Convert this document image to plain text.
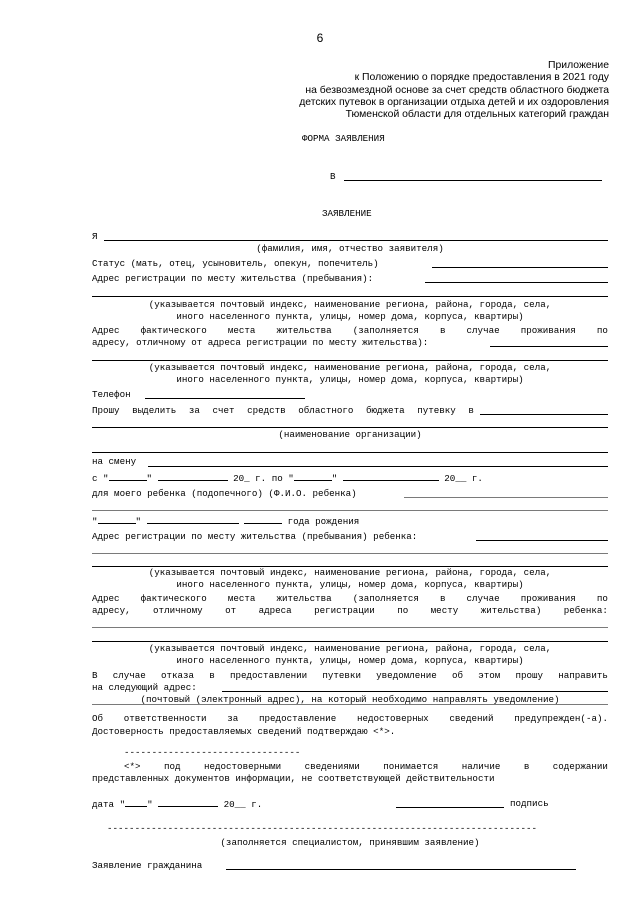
6
Приложение
к Положению о порядке предоставления в 2021 году
на безвозмездной основе за счет средств областного бюджета
детских путевок в организации отдыха детей и их оздоровления
Тюменской области для отдельных категорий граждан
ФОРМА ЗАЯВЛЕНИЯ
В
ЗАЯВЛЕНИЕ
Я
(фамилия, имя, отчество заявителя)
Статус (мать, отец, усыновитель, опекун, попечитель)
Адрес регистрации по месту жительства (пребывания):
(указывается почтовый индекс, наименование региона, района, города, села,
иного населенного пункта, улицы, номер дома, корпуса, квартиры)
Адрес фактического места жительства (заполняется в случае проживания по
адресу, отличному от адреса регистрации по месту жительства):
(указывается почтовый индекс, наименование региона, района, города, села,
иного населенного пункта, улицы, номер дома, корпуса, квартиры)
Телефон
Прошу выделить за счет средств областного бюджета путевку в
(наименование организации)
на смену
с "	"	20_ г. по "	"	20__ г.
для моего ребенка (подопечного) (Ф.И.О. ребенка)
"	"	года рождения
Адрес регистрации по месту жительства (пребывания) ребенка:
(указывается почтовый индекс, наименование региона, района, города, села,
иного населенного пункта, улицы, номер дома, корпуса, квартиры)
Адрес фактического места жительства (заполняется в случае проживания по
адресу, отличному от адреса регистрации по месту жительства) ребенка:
(указывается почтовый индекс, наименование региона, района, города, села,
иного населенного пункта, улицы, номер дома, корпуса, квартиры)
В случае отказа в предоставлении путевки уведомление об этом прошу направить
на следующий адрес:
(почтовый (электронный адрес), на который необходимо направлять уведомление)
Об ответственности за предоставление недостоверных сведений предупрежден(-а).
Достоверность предоставляемых сведений подтверждаю <*>.
--------------------------------
<*>	под	недостоверными	сведениями	понимается	наличие	в	содержании
представленных документов информации, не соответствующей действительности
дата " "	20__ г.	подпись
------------------------------------------------------------------------------
(заполняется специалистом, принявшим заявление)
Заявление гражданина
